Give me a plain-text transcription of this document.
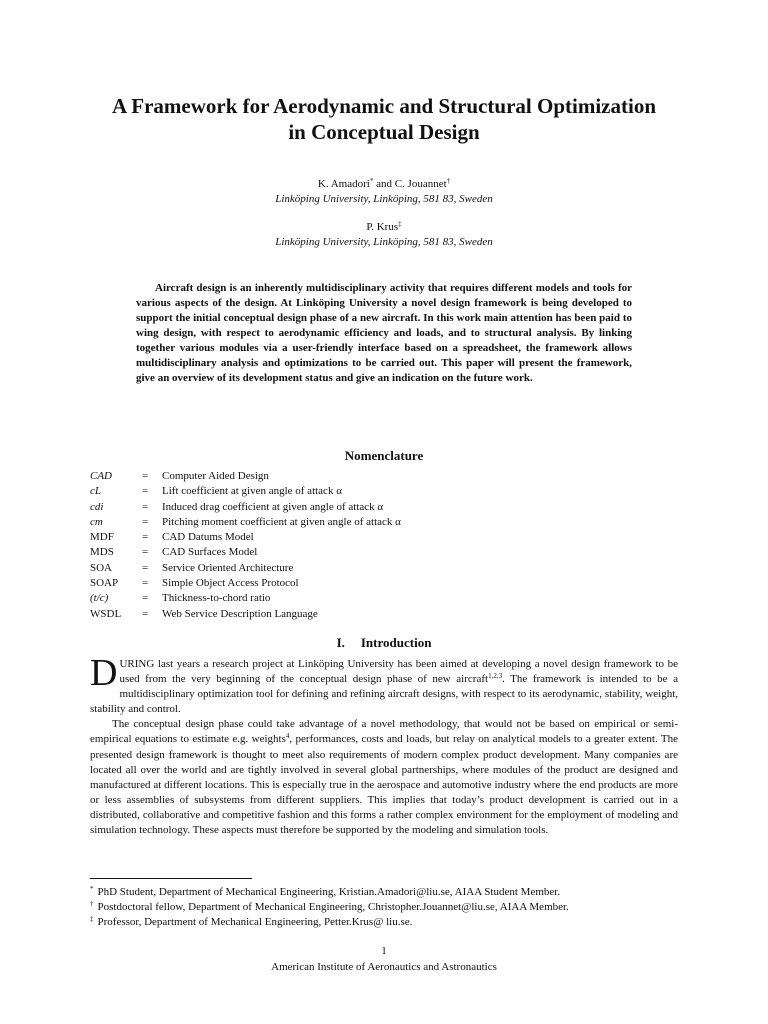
A Framework for Aerodynamic and Structural Optimization
in Conceptual Design
K. Amadori* and C. Jouannet†
Linköping University, Linköping, 581 83, Sweden
P. Krus‡
Linköping University, Linköping, 581 83, Sweden
Aircraft design is an inherently multidisciplinary activity that requires different models and tools for various aspects of the design. At Linköping University a novel design framework is being developed to support the initial conceptual design phase of a new aircraft. In this work main attention has been paid to wing design, with respect to aerodynamic efficiency and loads, and to structural analysis. By linking together various modules via a user-friendly interface based on a spreadsheet, the framework allows multidisciplinary analysis and optimizations to be carried out. This paper will present the framework, give an overview of its development status and give an indication on the future work.
Nomenclature
CAD	= Computer Aided Design
cL	= Lift coefficient at given angle of attack α
cdi	= Induced drag coefficient at given angle of attack α
cm	= Pitching moment coefficient at given angle of attack α
MDF	= CAD Datums Model
MDS	= CAD Surfaces Model
SOA	= Service Oriented Architecture
SOAP = Simple Object Access Protocol
(t/c)	= Thickness-to-chord ratio
WSDL = Web Service Description Language
I. Introduction

DURING last years a research project at Linköping University has been aimed at developing a novel design framework to be used from the very beginning of the conceptual design phase of new aircraft$^{1,2,3}$. The framework is intended to be a multidisciplinary optimization tool for defining and refining aircraft designs, with respect to its aerodynamic, stability, weight, stability and control.

The conceptual design phase could take advantage of a novel methodology, that would not be based on empirical or semi-empirical equations to estimate e.g. weights$^4$, performances, costs and loads, but relay on analytical models to a greater extent. The presented design framework is thought to meet also requirements of modern complex product development. Many companies are located all over the world and are tightly involved in several global partnerships, where modules of the product are designed and manufactured at different locations. This is especially true in the aerospace and automotive industry where the end products are more or less assemblies of subsystems from different suppliers. This implies that today’s product development is carried out in a distributed, collaborative and competitive fashion and this forms a rather complex environment for the employment of modeling and simulation technology. These aspects must therefore be supported by the modeling and simulation tools.

* PhD Student, Department of Mechanical Engineering, Kristian.Amadori@liu.se, AIAA Student Member.
† Postdoctoral fellow, Department of Mechanical Engineering, Christopher.Jouannet@liu.se, AIAA Member.
‡ Professor, Department of Mechanical Engineering, Petter.Krus@ liu.se.
1
American Institute of Aeronautics and Astronautics
